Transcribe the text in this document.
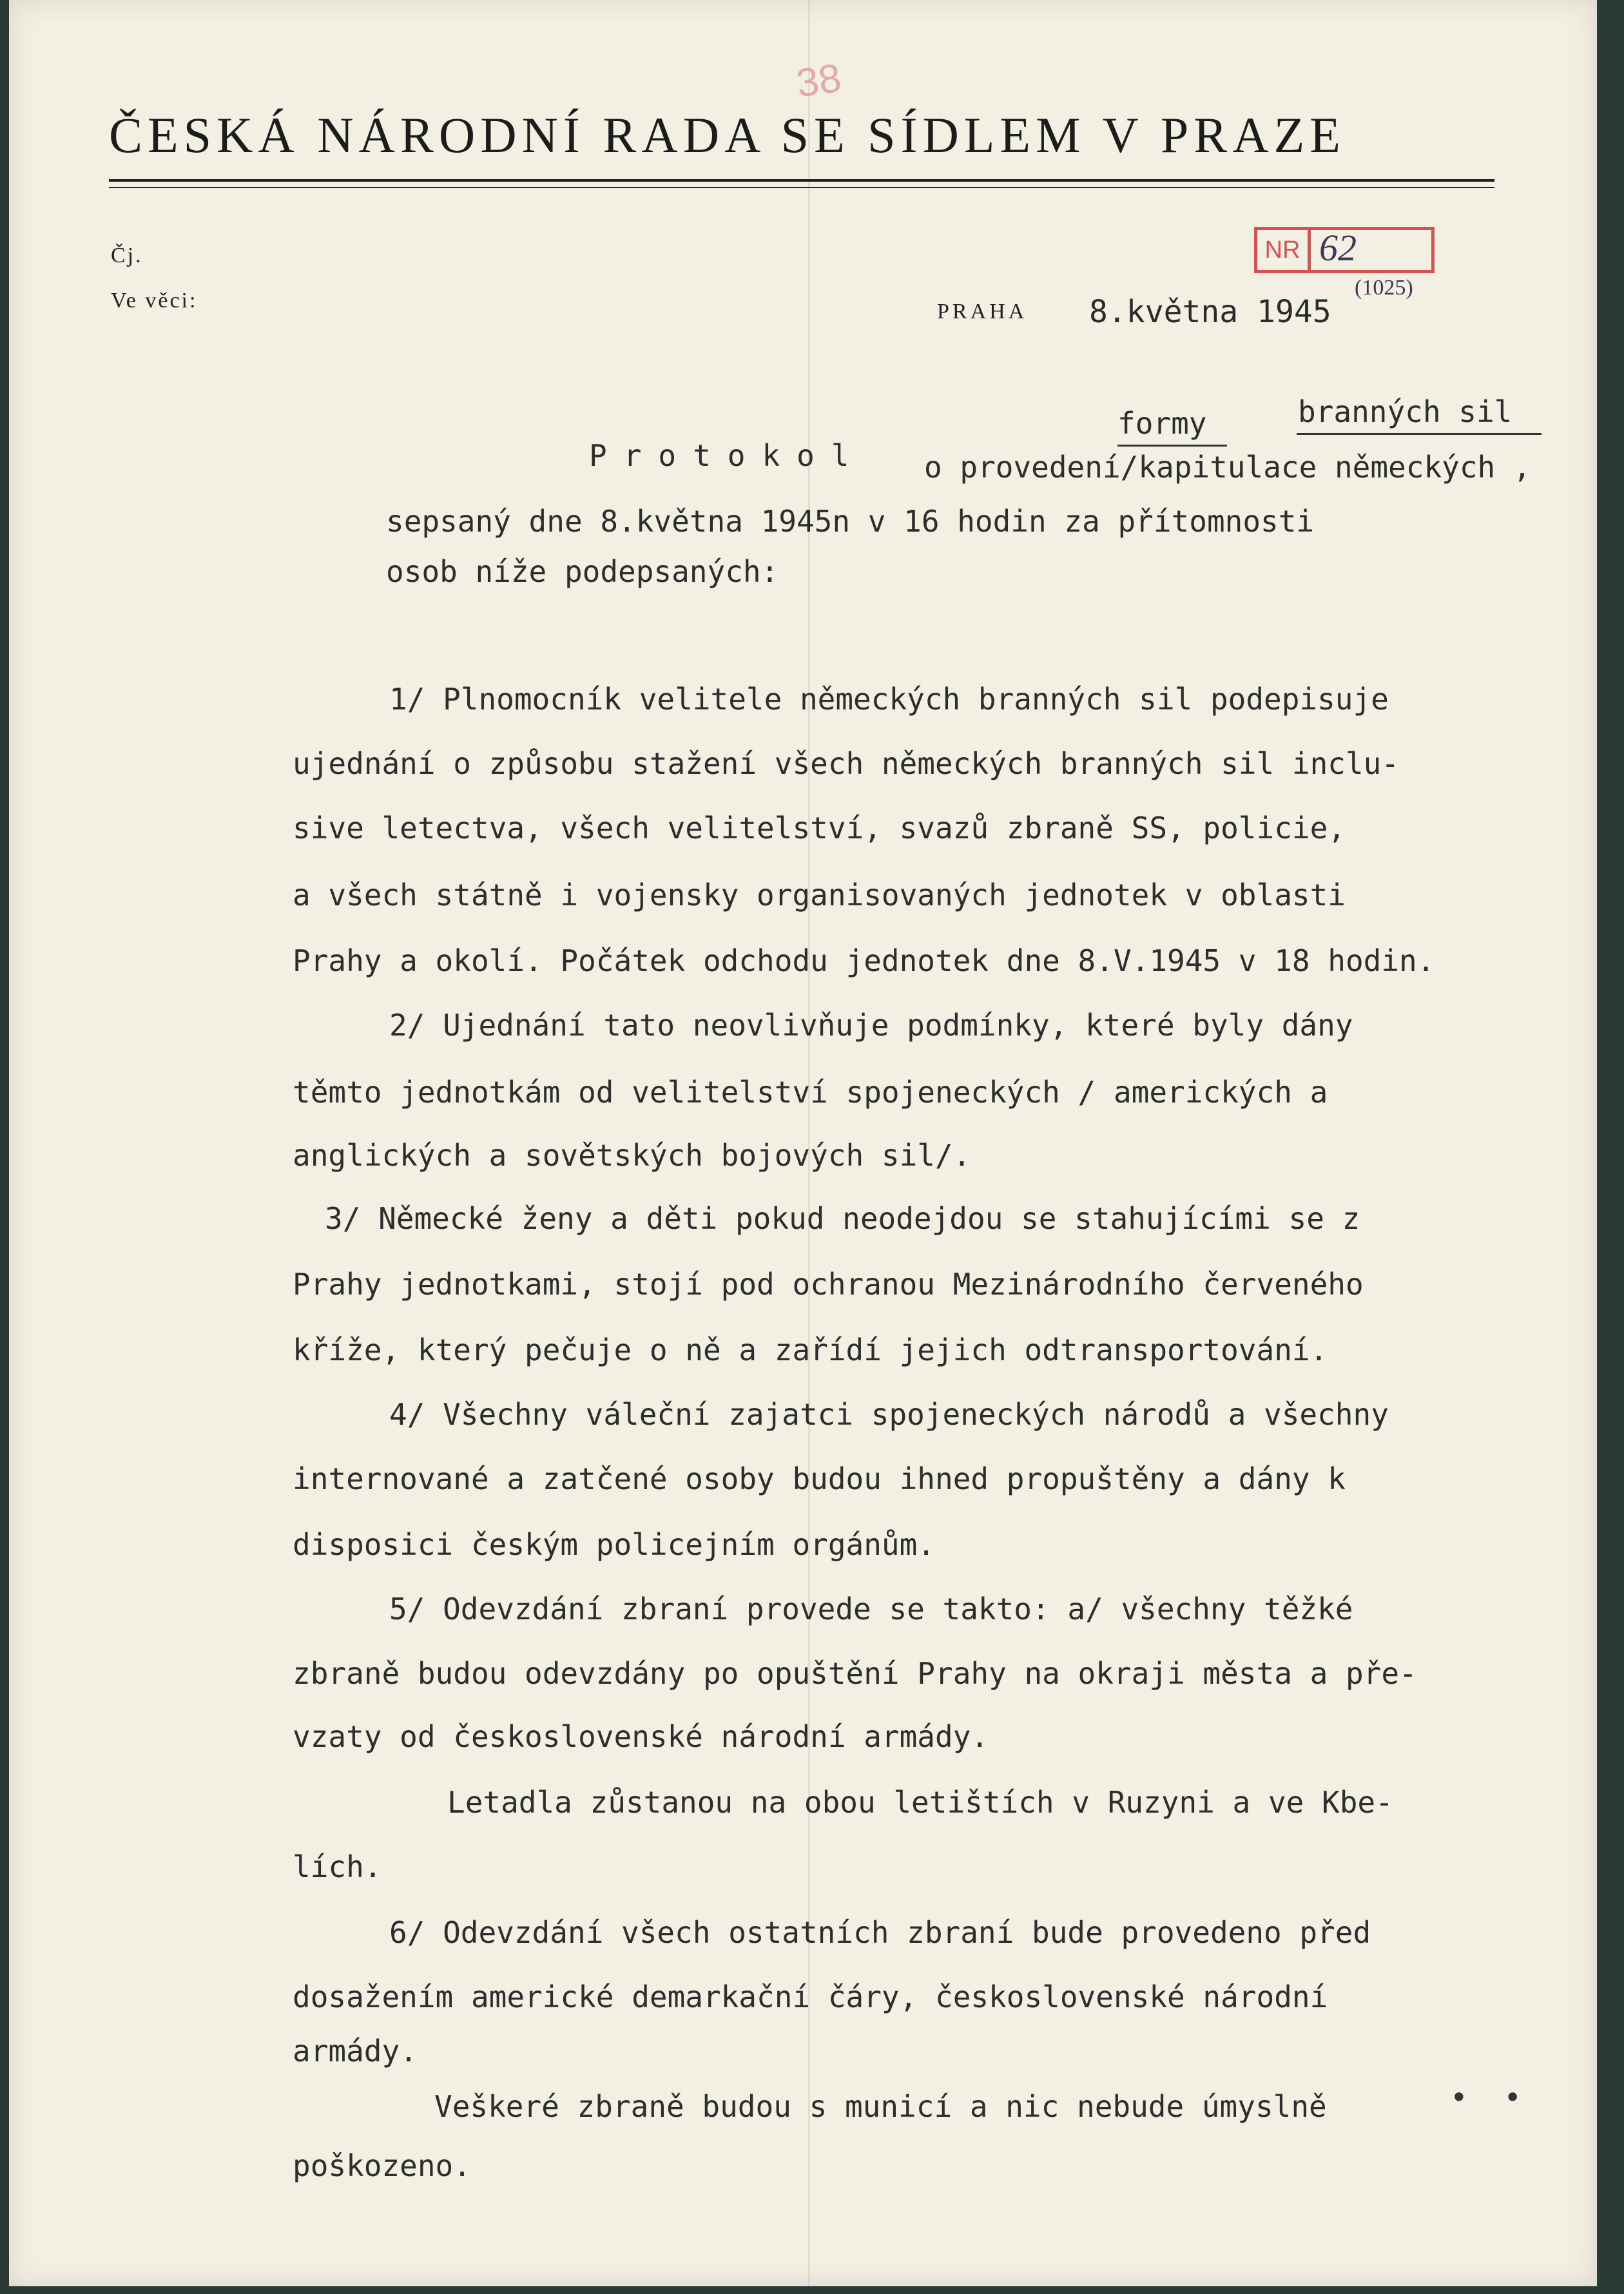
38
ČESKÁ NÁRODNÍ RADA SE SÍDLEM V PRAZE
Čj.
Ve věci:
NR 62
(1025)
PRAHA 8.května 1945
formy	branných sil
Protokol o provedení/kapitulace německých ,
sepsaný dne 8.května 1945n v 16 hodin za přítomnosti
osob níže podepsaných:
1/ Plnomocník velitele německých branných sil podepisuje
ujednání o způsobu stažení všech německých branných sil inclu-
sive letectva, všech velitelství, svazů zbraně SS, policie,
a všech státně i vojensky organisovaných jednotek v oblasti
Prahy a okolí. Počátek odchodu jednotek dne 8.V.1945 v 18 hodin.
2/ Ujednání tato neovlivňuje podmínky, které byly dány
těmto jednotkám od velitelství spojeneckých / amerických a
anglických a sovětských bojových sil/.
3/ Německé ženy a děti pokud neodejdou se stahujícími se z
Prahy jednotkami, stojí pod ochranou Mezinárodního červeného
kříže, který pečuje o ně a zařídí jejich odtransportování.
4/ Všechny váleční zajatci spojeneckých národů a všechny
internované a zatčené osoby budou ihned propuštěny a dány k
disposici českým policejním orgánům.
5/ Odevzdání zbraní provede se takto: a/ všechny těžké
zbraně budou odevzdány po opuštění Prahy na okraji města a pře-
vzaty od československé národní armády.
Letadla zůstanou na obou letištích v Ruzyni a ve Kbe-
lích.
6/ Odevzdání všech ostatních zbraní bude provedeno před
dosažením americké demarkační čáry, československé národní
armády.
Veškeré zbraně budou s municí a nic nebude úmyslně	• •
poškozeno.
